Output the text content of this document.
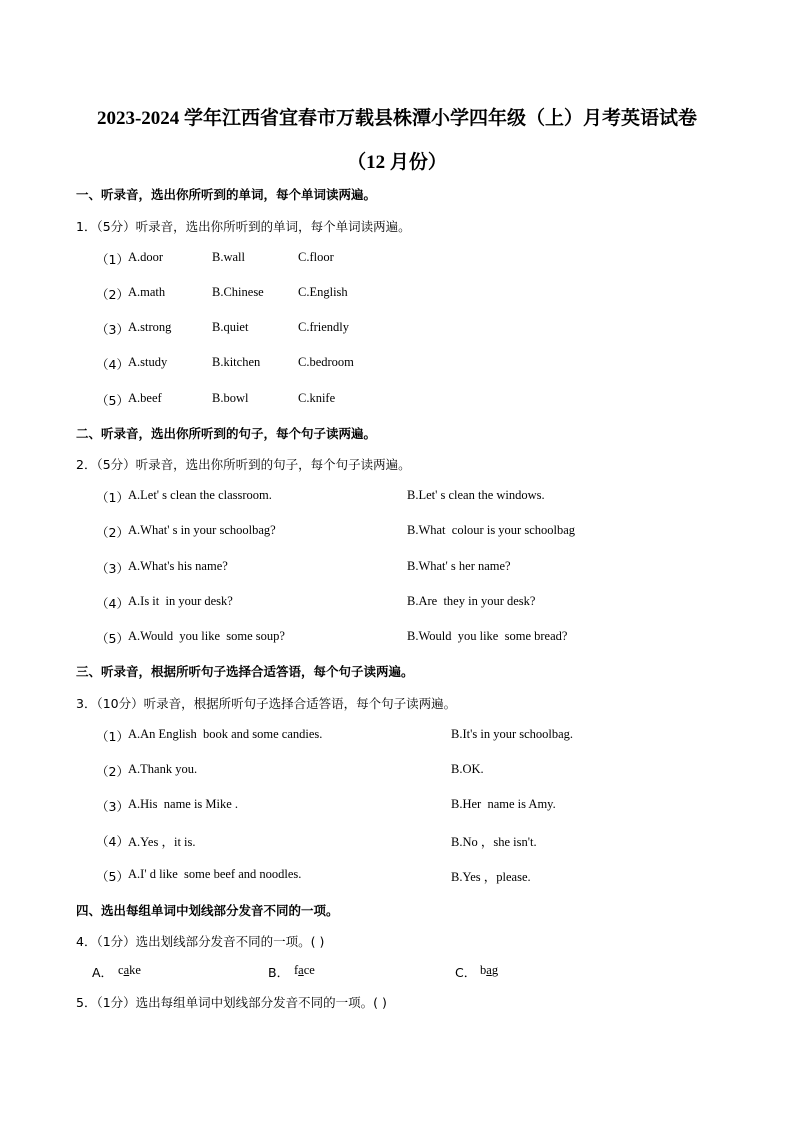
2023-2024 学年江西省宜春市万载县株潭小学四年级（上）月考英语试卷
（12 月份）
一、听录音，选出你所听到的单词，每个单词读两遍。
1．（5分）听录音，选出你所听到的单词，每个单词读两遍。
（1） A.door	B.wall	C.floor
（2） A.math	B.Chinese	C.English
（3） A.strong	B.quiet	C.friendly
（4） A.study	B.kitchen	C.bedroom
（5） A.beef	B.bowl	C.knife
二、听录音，选出你所听到的句子，每个句子读两遍。
2．（5分）听录音，选出你所听到的句子，每个句子读两遍。
（1） A.Let' s clean the classroom.	B.Let' s clean the windows.
（2） A.What' s in your schoolbag?	B.What  colour is your schoolbag
（3） A.What's his name?	B.What' s her name?
（4） A.Is it  in your desk?	B.Are  they in your desk?
（5） A.Would  you like  some soup?	B.Would  you like  some bread?
三、听录音，根据所听句子选择合适答语，每个句子读两遍。
3．（10分）听录音，根据所听句子选择合适答语，每个句子读两遍。
（1） A.An English  book and some candies.	B.It's in your schoolbag.
（2） A.Thank you.	B.OK.
（3） A.His  name is Mike .	B.Her  name is Amy.
（4） A.Yes ，it is.	B.No ，she isn't.
（5） A.I' d like  some beef and noodles.	B.Yes ，please.
四、选出每组单词中划线部分发音不同的一项。
4．（1分）选出划线部分发音不同的一项。( )
A． cake	B． face	C． bag
5．（1分）选出每组单词中划线部分发音不同的一项。( )
